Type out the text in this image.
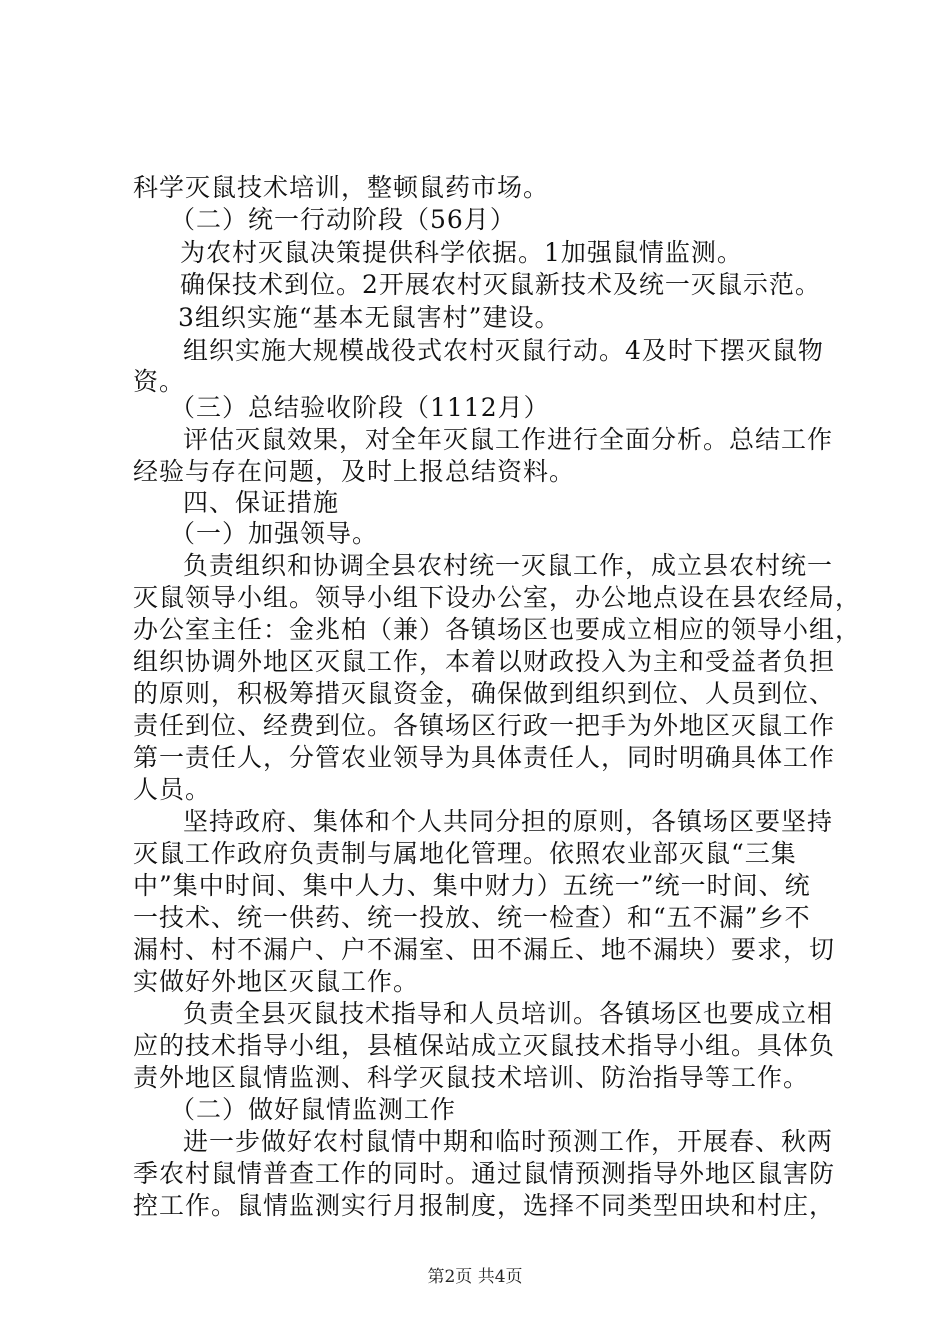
科学灭鼠技术培训，整顿鼠药市场。
（二）统一行动阶段（56月）
为农村灭鼠决策提供科学依据。1加强鼠情监测。
确保技术到位。2开展农村灭鼠新技术及统一灭鼠示范。
3组织实施“基本无鼠害村”建设。
组织实施大规模战役式农村灭鼠行动。4及时下摆灭鼠物
资。
（三）总结验收阶段（1112月）
评估灭鼠效果，对全年灭鼠工作进行全面分析。总结工作
经验与存在问题，及时上报总结资料。
四、保证措施
（一）加强领导。
负责组织和协调全县农村统一灭鼠工作，成立县农村统一
灭鼠领导小组。领导小组下设办公室，办公地点设在县农经局，
办公室主任：金兆柏（兼）各镇场区也要成立相应的领导小组，
组织协调外地区灭鼠工作，本着以财政投入为主和受益者负担
的原则，积极筹措灭鼠资金，确保做到组织到位、人员到位、
责任到位、经费到位。各镇场区行政一把手为外地区灭鼠工作
第一责任人，分管农业领导为具体责任人，同时明确具体工作
人员。
坚持政府、集体和个人共同分担的原则，各镇场区要坚持
灭鼠工作政府负责制与属地化管理。依照农业部灭鼠“三集
中”集中时间、集中人力、集中财力）五统一”统一时间、统
一技术、统一供药、统一投放、统一检查）和“五不漏”乡不
漏村、村不漏户、户不漏室、田不漏丘、地不漏块）要求，切
实做好外地区灭鼠工作。
负责全县灭鼠技术指导和人员培训。各镇场区也要成立相
应的技术指导小组，县植保站成立灭鼠技术指导小组。具体负
责外地区鼠情监测、科学灭鼠技术培训、防治指导等工作。
（二）做好鼠情监测工作
进一步做好农村鼠情中期和临时预测工作，开展春、秋两
季农村鼠情普查工作的同时。通过鼠情预测指导外地区鼠害防
控工作。鼠情监测实行月报制度，选择不同类型田块和村庄，
第2页 共4页
